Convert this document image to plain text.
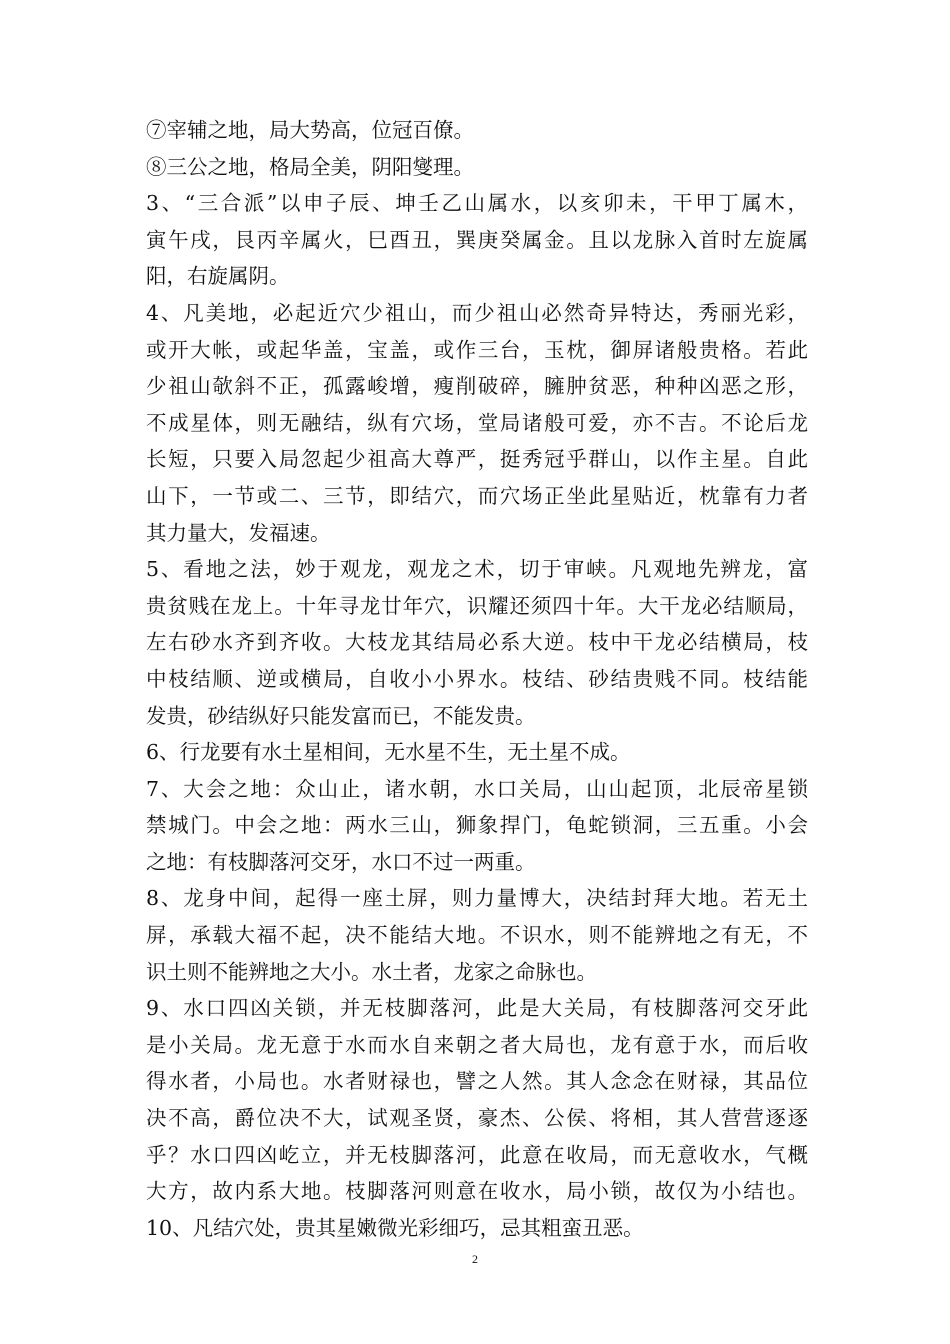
⑦宰辅之地，局大势高，位冠百僚。
⑧三公之地，格局全美，阴阳燮理。
3、“三合派”以申子辰、坤壬乙山属水，以亥卯未，干甲丁属木，
寅午戌，艮丙辛属火，巳酉丑，巽庚癸属金。且以龙脉入首时左旋属
阳，右旋属阴。
4、凡美地，必起近穴少祖山，而少祖山必然奇异特达，秀丽光彩，
或开大帐，或起华盖，宝盖，或作三台，玉枕，御屏诸般贵格。若此
少祖山欹斜不正，孤露峻增，瘦削破碎，臃肿贫恶，种种凶恶之形，
不成星体，则无融结，纵有穴场，堂局诸般可爱，亦不吉。不论后龙
长短，只要入局忽起少祖高大尊严，挺秀冠乎群山，以作主星。自此
山下，一节或二、三节，即结穴，而穴场正坐此星贴近，枕靠有力者
其力量大，发福速。
5、看地之法，妙于观龙，观龙之术，切于审峡。凡观地先辨龙，富
贵贫贱在龙上。十年寻龙廿年穴，识耀还须四十年。大干龙必结顺局，
左右砂水齐到齐收。大枝龙其结局必系大逆。枝中干龙必结横局，枝
中枝结顺、逆或横局，自收小小界水。枝结、砂结贵贱不同。枝结能
发贵，砂结纵好只能发富而已，不能发贵。
6、行龙要有水土星相间，无水星不生，无土星不成。
7、大会之地：众山止，诸水朝，水口关局，山山起顶，北辰帝星锁
禁城门。中会之地：两水三山，狮象捍门，龟蛇锁洞，三五重。小会
之地：有枝脚落河交牙，水口不过一两重。
8、龙身中间，起得一座土屏，则力量博大，决结封拜大地。若无土
屏，承载大福不起，决不能结大地。不识水，则不能辨地之有无，不
识土则不能辨地之大小。水土者，龙家之命脉也。
9、水口四凶关锁，并无枝脚落河，此是大关局，有枝脚落河交牙此
是小关局。龙无意于水而水自来朝之者大局也，龙有意于水，而后收
得水者，小局也。水者财禄也，譬之人然。其人念念在财禄，其品位
决不高，爵位决不大，试观圣贤，豪杰、公侯、将相，其人营营逐逐
乎？水口四凶屹立，并无枝脚落河，此意在收局，而无意收水，气概
大方，故内系大地。枝脚落河则意在收水，局小锁，故仅为小结也。
10、凡结穴处，贵其星嫩微光彩细巧，忌其粗蛮丑恶。
2
